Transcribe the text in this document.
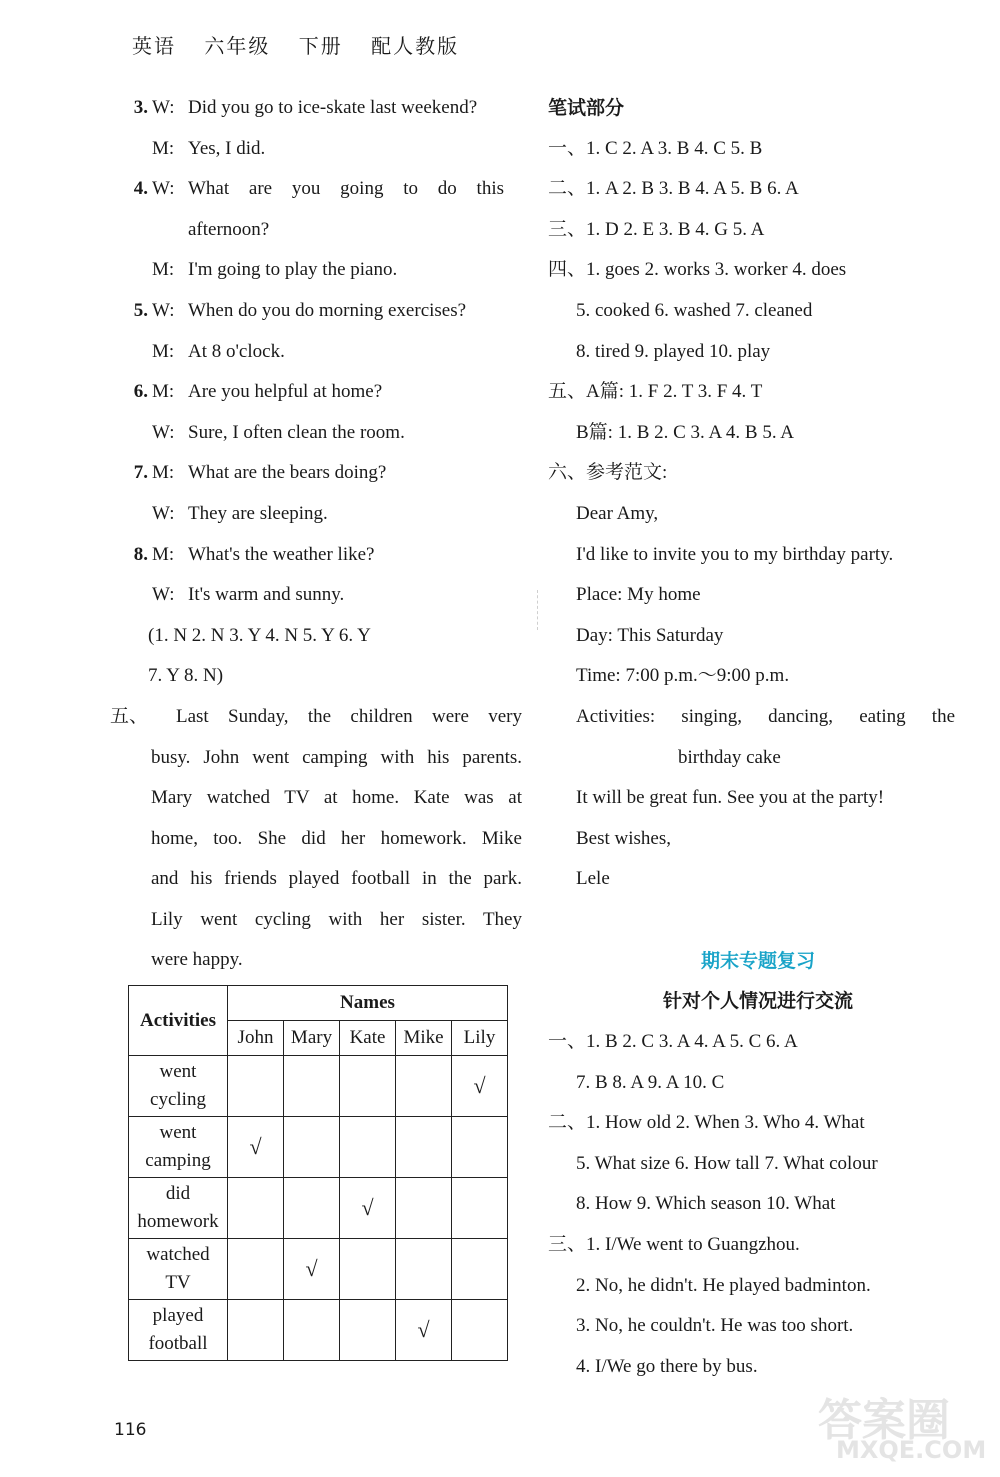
英语 六年级 下册 配人教版
3. W: Did you go to ice-skate last weekend?
M: Yes, I did.
4. W: What are you going to do this
afternoon?
M: I'm going to play the piano.
5. W: When do you do morning exercises?
M: At 8 o'clock.
6. M: Are you helpful at home?
W: Sure, I often clean the room.
7. M: What are the bears doing?
W: They are sleeping.
8. M: What's the weather like?
W: It's warm and sunny.
(1. N 2. N 3. Y 4. N 5. Y 6. Y
7. Y 8. N)
五、 Last Sunday, the children were very
busy. John went camping with his parents.
Mary watched TV at home. Kate was at
home, too. She did her homework. Mike
and his friends played football in the park.
Lily went cycling with her sister. They
were happy.
Activities	Names				
	John	Mary	Kate	Mike	Lily

went
cycling					√

went
camping	√				

did
homework			√		

watched
TV		√			

played
football				√	
笔试部分
一、1. C 2. A 3. B 4. C 5. B
二、1. A 2. B 3. B 4. A 5. B 6. A
三、1. D 2. E 3. B 4. G 5. A
四、1. goes 2. works 3. worker 4. does
5. cooked 6. washed 7. cleaned
8. tired 9. played 10. play
五、A篇: 1. F 2. T 3. F 4. T
B篇: 1. B 2. C 3. A 4. B 5. A
六、参考范文:
Dear Amy,
I'd like to invite you to my birthday party.
Place: My home
Day: This Saturday
Time: 7:00 p.m.～9:00 p.m.
Activities: singing, dancing, eating the
birthday cake
It will be great fun. See you at the party!
Best wishes,
Lele
期末专题复习
针对个人情况进行交流
一、1. B 2. C 3. A 4. A 5. C 6. A
7. B 8. A 9. A 10. C
二、1. How old 2. When 3. Who 4. What
5. What size 6. How tall 7. What colour
8. How 9. Which season 10. What
三、1. I/We went to Guangzhou.
2. No, he didn't. He played badminton.
3. No, he couldn't. He was too short.
4. I/We go there by bus.
116	答案圈
MXQE.COM
